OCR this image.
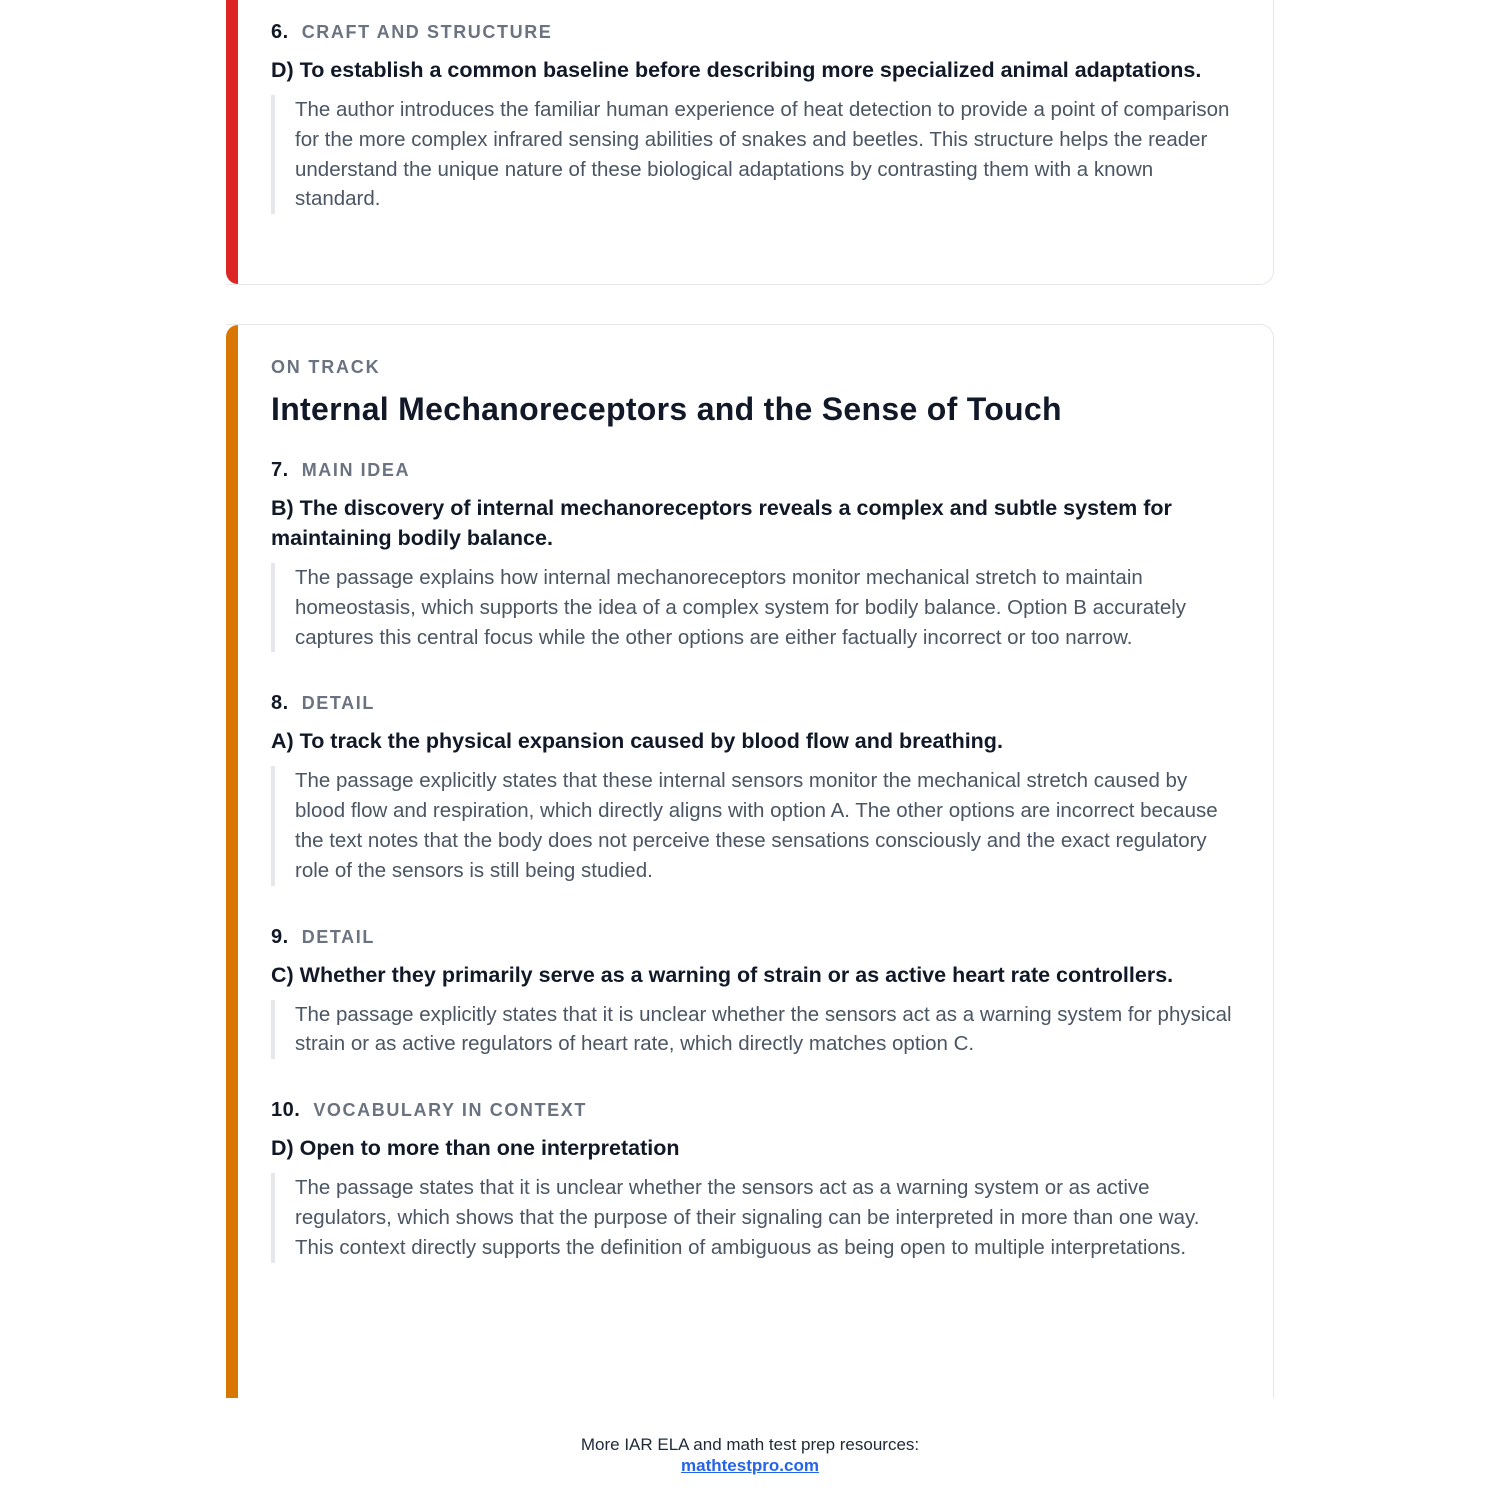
6. CRAFT AND STRUCTURE
D) To establish a common baseline before describing more specialized animal adaptations.
The author introduces the familiar human experience of heat detection to provide a point of comparison for the more complex infrared sensing abilities of snakes and beetles. This structure helps the reader understand the unique nature of these biological adaptations by contrasting them with a known standard.
ON TRACK
Internal Mechanoreceptors and the Sense of Touch
7. MAIN IDEA
B) The discovery of internal mechanoreceptors reveals a complex and subtle system for maintaining bodily balance.
The passage explains how internal mechanoreceptors monitor mechanical stretch to maintain homeostasis, which supports the idea of a complex system for bodily balance. Option B accurately captures this central focus while the other options are either factually incorrect or too narrow.
8. DETAIL
A) To track the physical expansion caused by blood flow and breathing.
The passage explicitly states that these internal sensors monitor the mechanical stretch caused by blood flow and respiration, which directly aligns with option A. The other options are incorrect because the text notes that the body does not perceive these sensations consciously and the exact regulatory role of the sensors is still being studied.
9. DETAIL
C) Whether they primarily serve as a warning of strain or as active heart rate controllers.
The passage explicitly states that it is unclear whether the sensors act as a warning system for physical strain or as active regulators of heart rate, which directly matches option C.
10. VOCABULARY IN CONTEXT
D) Open to more than one interpretation
The passage states that it is unclear whether the sensors act as a warning system or as active regulators, which shows that the purpose of their signaling can be interpreted in more than one way. This context directly supports the definition of ambiguous as being open to multiple interpretations.
More IAR ELA and math test prep resources:
mathtestpro.com
